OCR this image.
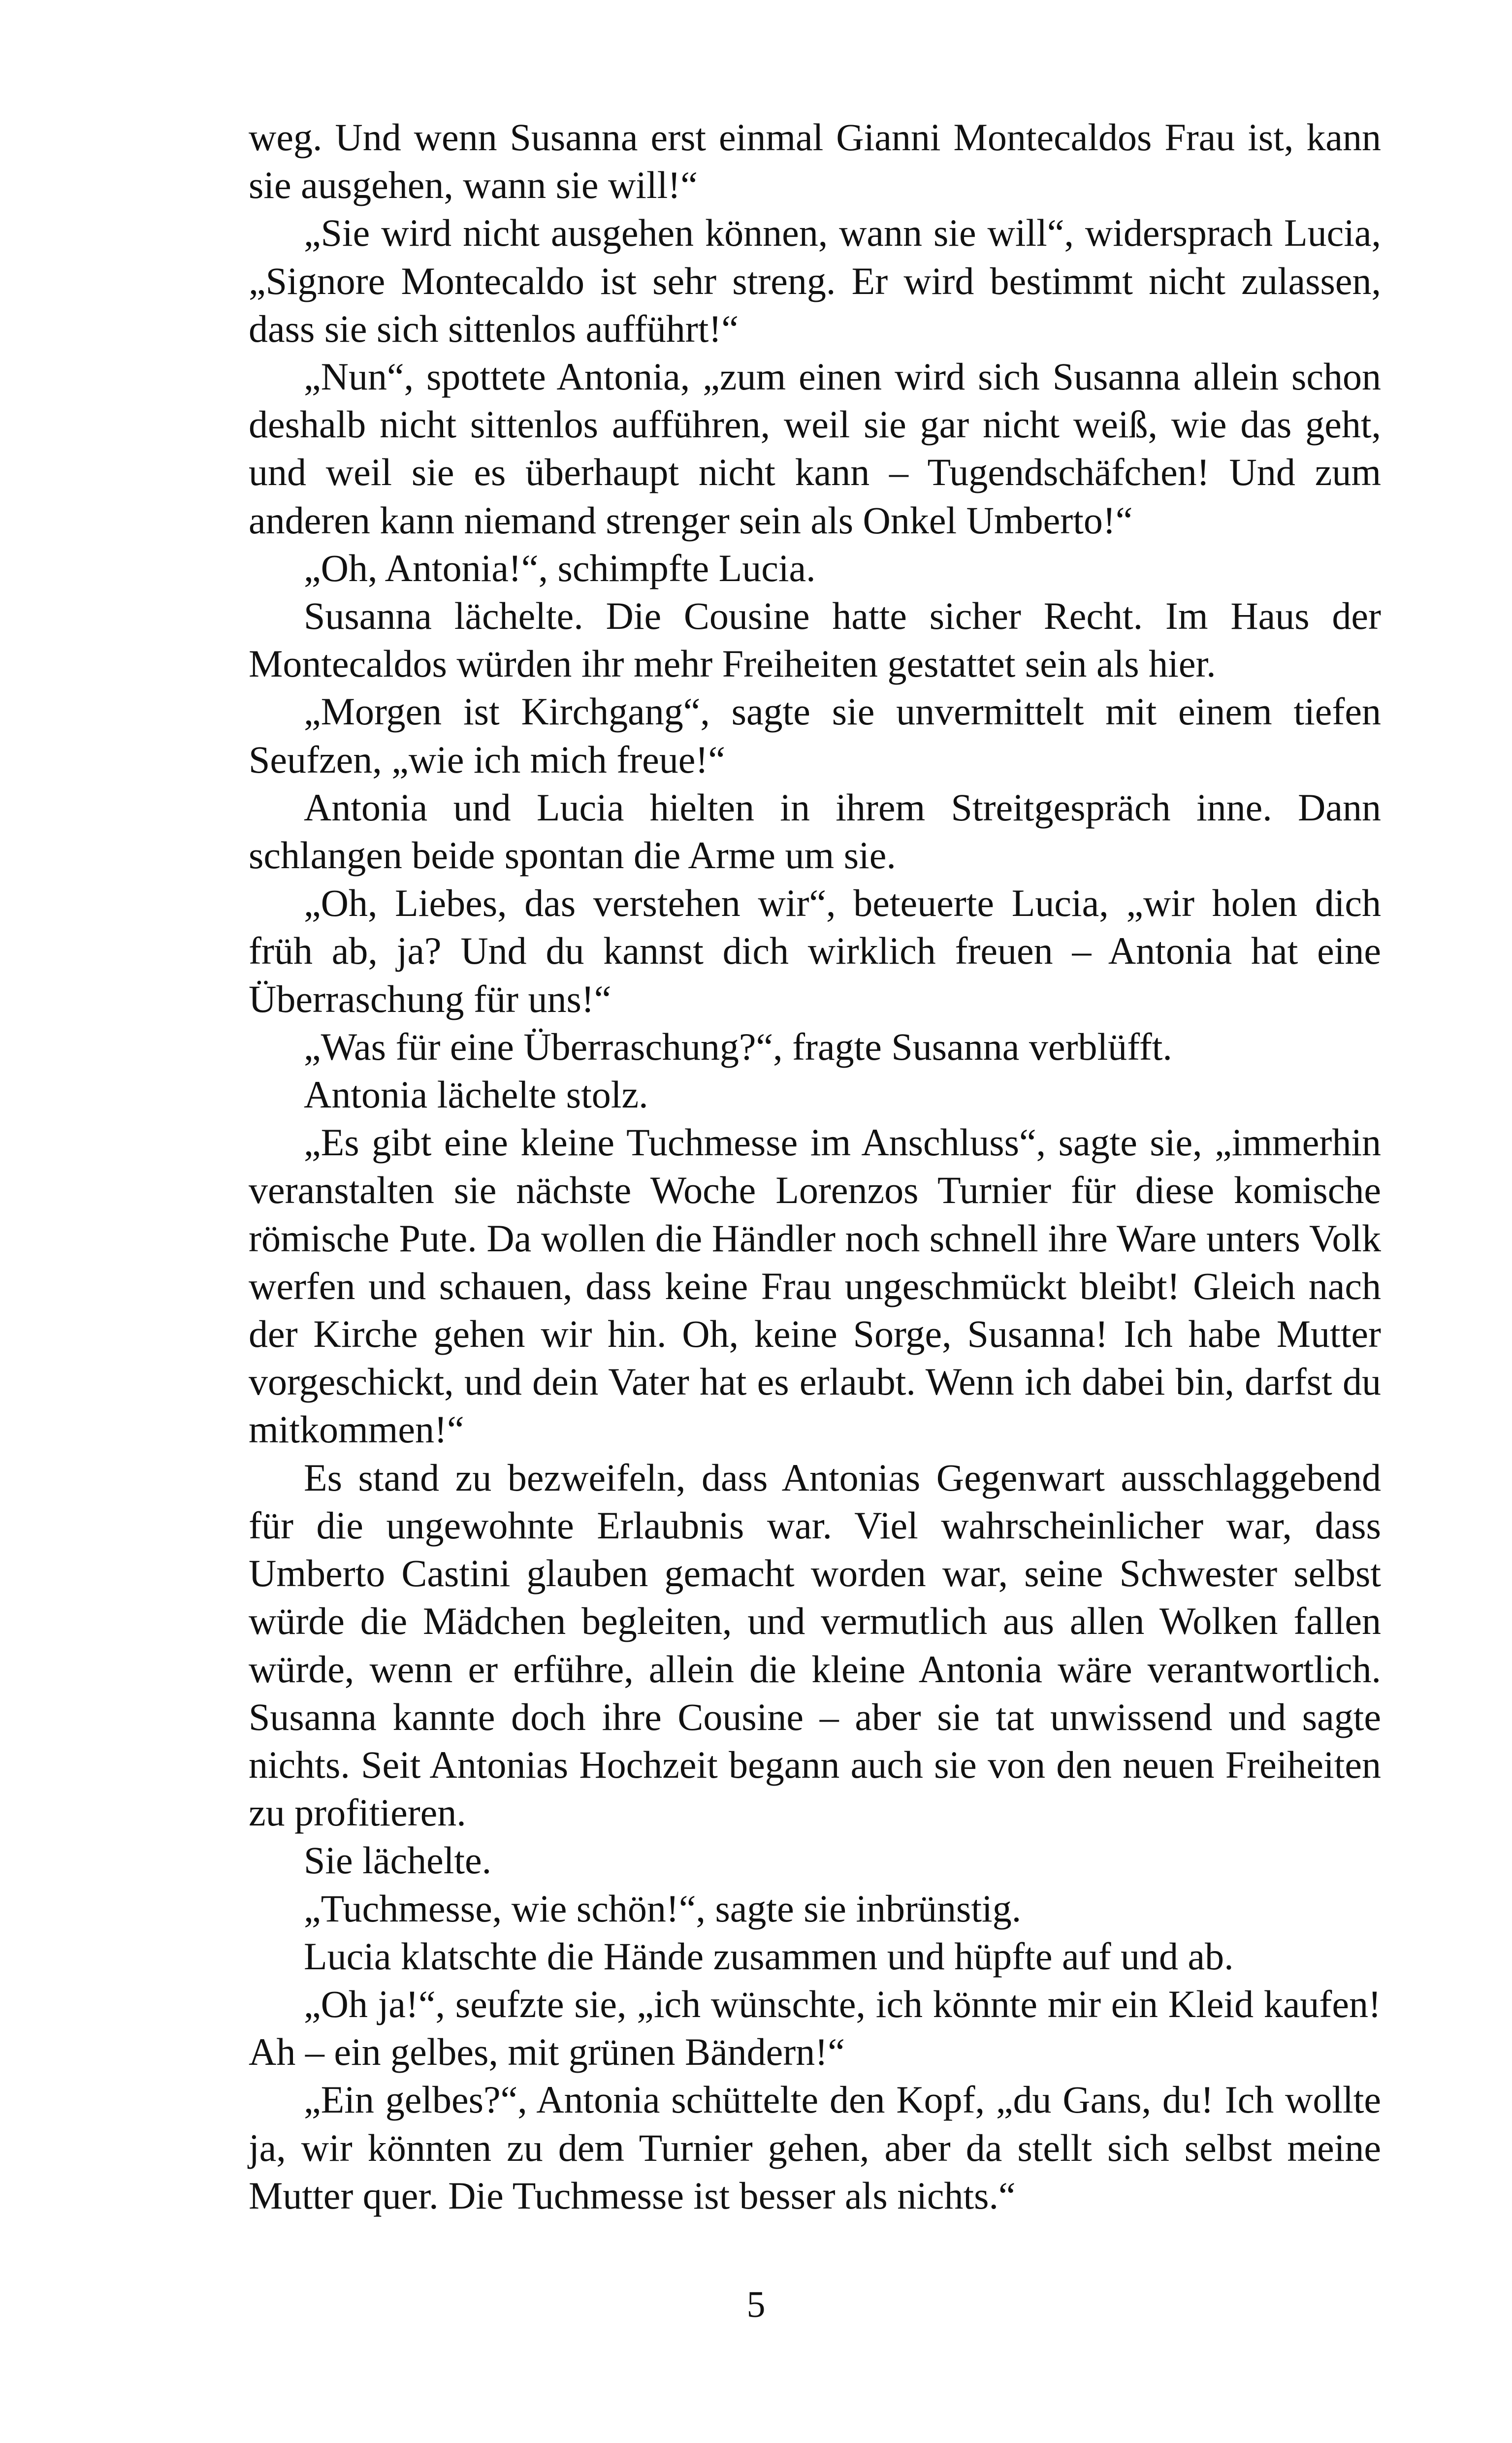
weg. Und wenn Susanna erst einmal Gianni Montecaldos Frau ist, kann sie ausgehen, wann sie will!“

„Sie wird nicht ausgehen können, wann sie will“, widersprach Lucia, „Signore Montecaldo ist sehr streng. Er wird bestimmt nicht zulassen, dass sie sich sittenlos aufführt!“

„Nun“, spottete Antonia, „zum einen wird sich Susanna allein schon deshalb nicht sittenlos aufführen, weil sie gar nicht weiß, wie das geht, und weil sie es überhaupt nicht kann – Tugendschäfchen! Und zum anderen kann niemand strenger sein als Onkel Umberto!“

„Oh, Antonia!“, schimpfte Lucia.

Susanna lächelte. Die Cousine hatte sicher Recht. Im Haus der Montecaldos würden ihr mehr Freiheiten gestattet sein als hier.

„Morgen ist Kirchgang“, sagte sie unvermittelt mit einem tiefen Seufzen, „wie ich mich freue!“

Antonia und Lucia hielten in ihrem Streitgespräch inne. Dann schlangen beide spontan die Arme um sie.

„Oh, Liebes, das verstehen wir“, beteuerte Lucia, „wir holen dich früh ab, ja? Und du kannst dich wirklich freuen – Antonia hat eine Überraschung für uns!“

„Was für eine Überraschung?“, fragte Susanna verblüfft.

Antonia lächelte stolz.

„Es gibt eine kleine Tuchmesse im Anschluss“, sagte sie, „immerhin veranstalten sie nächste Woche Lorenzos Turnier für diese komische römische Pute. Da wollen die Händler noch schnell ihre Ware unters Volk werfen und schauen, dass keine Frau ungeschmückt bleibt! Gleich nach der Kirche gehen wir hin. Oh, keine Sorge, Susanna! Ich habe Mutter vorgeschickt, und dein Vater hat es erlaubt. Wenn ich dabei bin, darfst du mitkommen!“

Es stand zu bezweifeln, dass Antonias Gegenwart ausschlaggebend für die ungewohnte Erlaubnis war. Viel wahrscheinlicher war, dass Umberto Castini glauben gemacht worden war, seine Schwester selbst würde die Mädchen begleiten, und vermutlich aus allen Wolken fallen würde, wenn er erführe, allein die kleine Antonia wäre verantwortlich. Susanna kannte doch ihre Cousine – aber sie tat unwissend und sagte nichts. Seit Antonias Hochzeit begann auch sie von den neuen Freiheiten zu profitieren.

Sie lächelte.

„Tuchmesse, wie schön!“, sagte sie inbrünstig.

Lucia klatschte die Hände zusammen und hüpfte auf und ab.

„Oh ja!“, seufzte sie, „ich wünschte, ich könnte mir ein Kleid kaufen! Ah – ein gelbes, mit grünen Bändern!“

„Ein gelbes?“, Antonia schüttelte den Kopf, „du Gans, du! Ich wollte ja, wir könnten zu dem Turnier gehen, aber da stellt sich selbst meine Mutter quer. Die Tuchmesse ist besser als nichts.“

5
